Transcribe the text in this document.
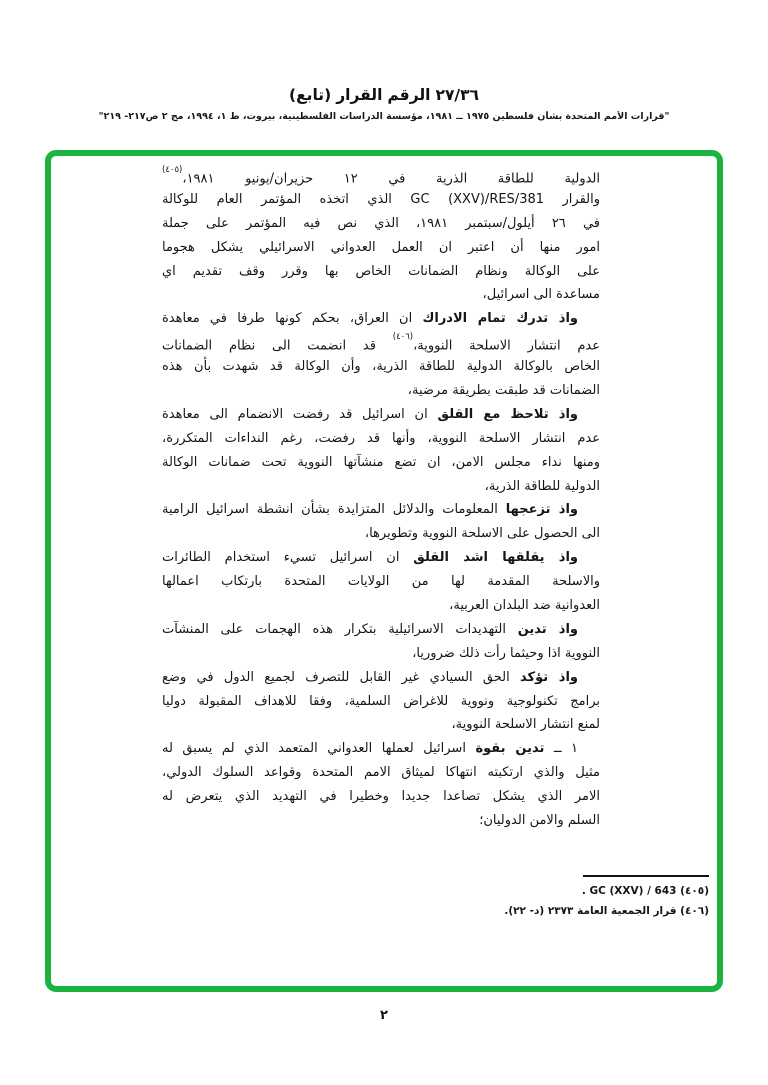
(تابع) القرار الرقم ٢٧/٣٦
"قرارات الأمم المتحدة بشأن فلسطين ١٩٧٥ ــ ١٩٨١، مؤسسة الدراسات الفلسطينية، بيروت، ط ١، ١٩٩٤، مج ٢ ص٢١٧- ٢١٩"
الدولية للطاقة الذرية في ١٢ حزيران/يونيو ١٩٨١،$^{(٤٠٥)}$
والقرار GC (XXV)/RES/381 الذي اتخذه المؤتمر العام للوكالة
في ٢٦ أيلول/سبتمبر ١٩٨١، الذي نص فيه المؤتمر على جملة
امور منها أن اعتبر ان العمل العدواني الاسرائيلي يشكل هجوما
على الوكالة ونظام الضمانات الخاص بها وقرر وقف تقديم اي
مساعدة الى اسرائيل،
واذ تدرك تمام الادراك ان العراق، بحكم كونها طرفا في معاهدة
عدم انتشار الاسلحة النووية،$^{(٤٠٦)}$ قد انضمت الى نظام الضمانات
الخاص بالوكالة الدولية للطاقة الذرية، وأن الوكالة قد شهدت بأن هذه
الضمانات قد طبقت بطريقة مرضية،
واذ تلاحظ مع القلق ان اسرائيل قد رفضت الانضمام الى معاهدة
عدم انتشار الاسلحة النووية، وأنها قد رفضت، رغم النداءات المتكررة،
ومنها نداء مجلس الامن، ان تضع منشآتها النووية تحت ضمانات الوكالة
الدولية للطاقة الذرية،
واذ تزعجها المعلومات والدلائل المتزايدة بشأن انشطة اسرائيل الرامية
الى الحصول على الاسلحة النووية وتطويرها،
واذ يقلقها اشد القلق ان اسرائيل تسيء استخدام الطائرات
والاسلحة المقدمة لها من الولايات المتحدة بارتكاب اعمالها
العدوانية ضد البلدان العربية،
واذ تدين التهديدات الاسرائيلية بتكرار هذه الهجمات على المنشآت
النووية اذا وحيثما رأت ذلك ضروريا،
واذ تؤكد الحق السيادي غير القابل للتصرف لجميع الدول في وضع
برامج تكنولوجية ونووية للاغراض السلمية، وفقا للاهداف المقبولة دوليا
لمنع انتشار الاسلحة النووية،
١ ــ تدين بقوة اسرائيل لعملها العدواني المتعمد الذي لم يسبق له
مثيل والذي ارتكبته انتهاكا لميثاق الامم المتحدة وقواعد السلوك الدولي،
الامر الذي يشكل تصاعدا جديدا وخطيرا في التهديد الذي يتعرض له
السلم والامن الدوليان؛
(٤٠٥) GC (XXV) / 643 .
(٤٠٦) قرار الجمعية العامة ٢٣٧٣ (د- ٢٢).
٢
